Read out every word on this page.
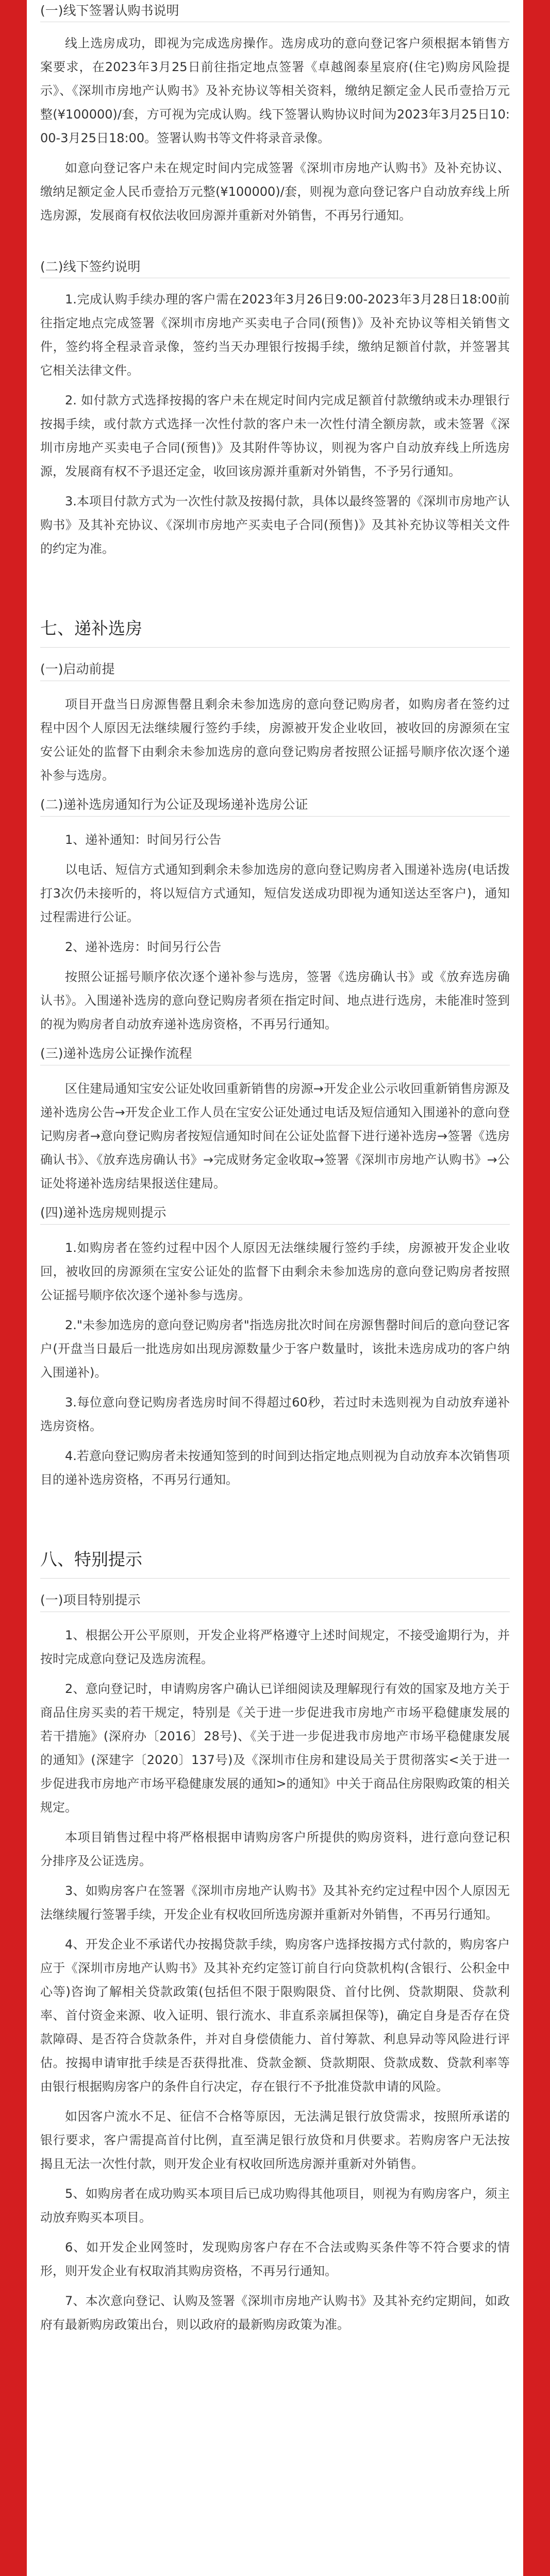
(一)线下签署认购书说明

线上选房成功，即视为完成选房操作。选房成功的意向登记客户须根据本销售方案要求，在2023年3月25日前往指定地点签署《卓越阁泰星宸府(住宅)购房风险提示》、《深圳市房地产认购书》及补充协议等相关资料，缴纳足额定金人民币壹拾万元整(¥100000)/套，方可视为完成认购。线下签署认购协议时间为2023年3月25日10:00-3月25日18:00。签署认购书等文件将录音录像。

如意向登记客户未在规定时间内完成签署《深圳市房地产认购书》及补充协议、缴纳足额定金人民币壹拾万元整(¥100000)/套，则视为意向登记客户自动放弃线上所选房源，发展商有权依法收回房源并重新对外销售，不再另行通知。

(二)线下签约说明

1.完成认购手续办理的客户需在2023年3月26日9:00-2023年3月28日18:00前往指定地点完成签署《深圳市房地产买卖电子合同(预售)》及补充协议等相关销售文件，签约将全程录音录像，签约当天办理银行按揭手续，缴纳足额首付款，并签署其它相关法律文件。

2. 如付款方式选择按揭的客户未在规定时间内完成足额首付款缴纳或未办理银行按揭手续，或付款方式选择一次性付款的客户未一次性付清全额房款，或未签署《深圳市房地产买卖电子合同(预售)》及其附件等协议，则视为客户自动放弃线上所选房源，发展商有权不予退还定金，收回该房源并重新对外销售，不予另行通知。

3.本项目付款方式为一次性付款及按揭付款，具体以最终签署的《深圳市房地产认购书》及其补充协议、《深圳市房地产买卖电子合同(预售)》及其补充协议等相关文件的约定为准。

七、递补选房
(一)启动前提

项目开盘当日房源售罄且剩余未参加选房的意向登记购房者，如购房者在签约过程中因个人原因无法继续履行签约手续，房源被开发企业收回，被收回的房源须在宝安公证处的监督下由剩余未参加选房的意向登记购房者按照公证摇号顺序依次逐个递补参与选房。

(二)递补选房通知行为公证及现场递补选房公证

1、递补通知：时间另行公告

以电话、短信方式通知到剩余未参加选房的意向登记购房者入围递补选房(电话拨打3次仍未接听的，将以短信方式通知，短信发送成功即视为通知送达至客户)，通知过程需进行公证。

2、递补选房：时间另行公告

按照公证摇号顺序依次逐个递补参与选房，签署《选房确认书》或《放弃选房确认书》。入围递补选房的意向登记购房者须在指定时间、地点进行选房，未能准时签到的视为购房者自动放弃递补选房资格，不再另行通知。

(三)递补选房公证操作流程

区住建局通知宝安公证处收回重新销售的房源→开发企业公示收回重新销售房源及递补选房公告→开发企业工作人员在宝安公证处通过电话及短信通知入围递补的意向登记购房者→意向登记购房者按短信通知时间在公证处监督下进行递补选房→签署《选房确认书》、《放弃选房确认书》→完成财务定金收取→签署《深圳市房地产认购书》→公证处将递补选房结果报送住建局。

(四)递补选房规则提示

1.如购房者在签约过程中因个人原因无法继续履行签约手续，房源被开发企业收回，被收回的房源须在宝安公证处的监督下由剩余未参加选房的意向登记购房者按照公证摇号顺序依次逐个递补参与选房。

2."未参加选房的意向登记购房者"指选房批次时间在房源售罄时间后的意向登记客户(开盘当日最后一批选房如出现房源数量少于客户数量时，该批未选房成功的客户纳入围递补)。

3.每位意向登记购房者选房时间不得超过60秒，若过时未选则视为自动放弃递补选房资格。

4.若意向登记购房者未按通知签到的时间到达指定地点则视为自动放弃本次销售项目的递补选房资格，不再另行通知。

八、特别提示
(一)项目特别提示

1、根据公开公平原则，开发企业将严格遵守上述时间规定，不接受逾期行为，并按时完成意向登记及选房流程。

2、意向登记时，申请购房客户确认已详细阅读及理解现行有效的国家及地方关于商品住房买卖的若干规定，特别是《关于进一步促进我市房地产市场平稳健康发展的若干措施》(深府办〔2016〕28号)、《关于进一步促进我市房地产市场平稳健康发展的通知》(深建字〔2020〕137号)及《深圳市住房和建设局关于贯彻落实<关于进一步促进我市房地产市场平稳健康发展的通知>的通知》中关于商品住房限购政策的相关规定。

本项目销售过程中将严格根据申请购房客户所提供的购房资料，进行意向登记积分排序及公证选房。

3、如购房客户在签署《深圳市房地产认购书》及其补充约定过程中因个人原因无法继续履行签署手续，开发企业有权收回所选房源并重新对外销售，不再另行通知。

4、开发企业不承诺代办按揭贷款手续，购房客户选择按揭方式付款的，购房客户应于《深圳市房地产认购书》及其补充约定签订前自行向贷款机构(含银行、公积金中心等)咨询了解相关贷款政策(包括但不限于限购限贷、首付比例、贷款期限、贷款利率、首付资金来源、收入证明、银行流水、非直系亲属担保等)，确定自身是否存在贷款障碍、是否符合贷款条件，并对自身偿债能力、首付筹款、利息异动等风险进行评估。按揭申请审批手续是否获得批准、贷款金额、贷款期限、贷款成数、贷款利率等由银行根据购房客户的条件自行决定，存在银行不予批准贷款申请的风险。

如因客户流水不足、征信不合格等原因，无法满足银行放贷需求，按照所承诺的银行要求，客户需提高首付比例，直至满足银行放贷和月供要求。若购房客户无法按揭且无法一次性付款，则开发企业有权收回所选房源并重新对外销售。

5、如购房者在成功购买本项目后已成功购得其他项目，则视为有购房客户，须主动放弃购买本项目。

6、如开发企业网签时，发现购房客户存在不合法或购买条件等不符合要求的情形，则开发企业有权取消其购房资格，不再另行通知。

7、本次意向登记、认购及签署《深圳市房地产认购书》及其补充约定期间，如政府有最新购房政策出台，则以政府的最新购房政策为准。
